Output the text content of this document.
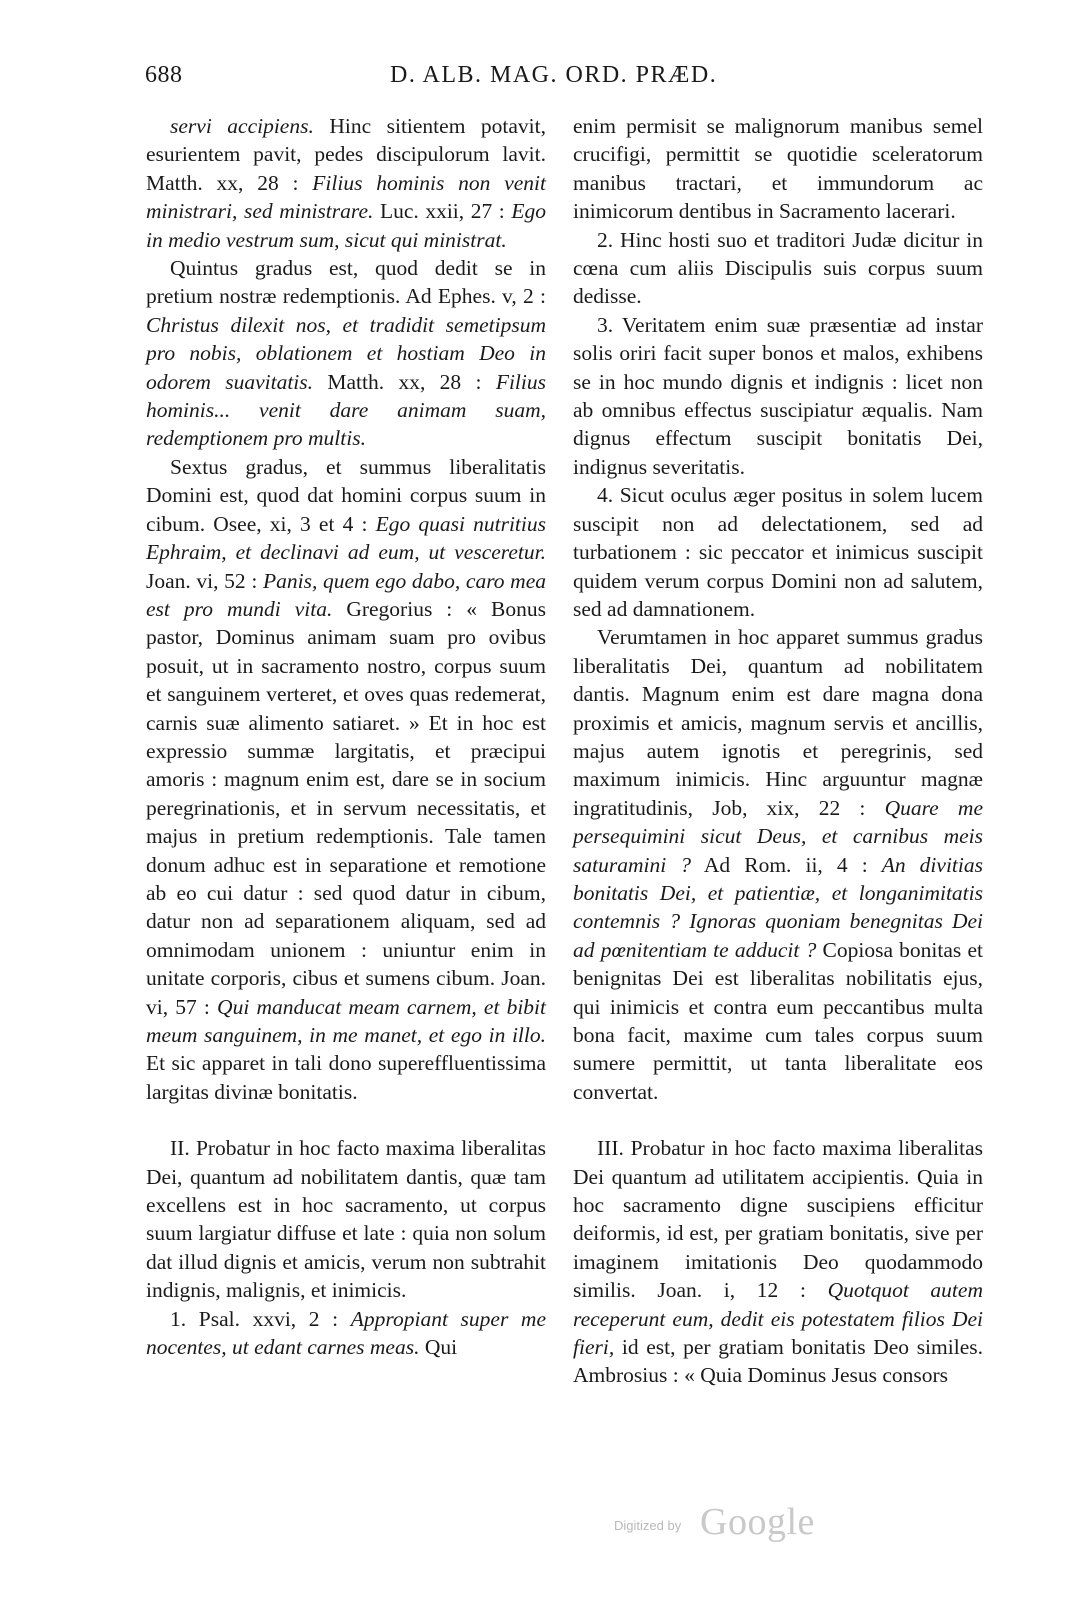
688	D. ALB. MAG. ORD. PRÆD.

servi accipiens. Hinc sitientem potavit, esurientem pavit, pedes discipulorum lavit. Matth. xx, 28 : Filius hominis non venit ministrari, sed ministrare. Luc. xxii, 27 : Ego in medio vestrum sum, sicut qui ministrat.

Quintus gradus est, quod dedit se in pretium nostræ redemptionis. Ad Ephes. v, 2 : Christus dilexit nos, et tradidit semetipsum pro nobis, oblationem et hostiam Deo in odorem suavitatis. Matth. xx, 28 : Filius hominis... venit dare animam suam, redemptionem pro multis.

Sextus gradus, et summus liberalitatis Domini est, quod dat homini corpus suum in cibum. Osee, xi, 3 et 4 : Ego quasi nutritius Ephraim, et declinavi ad eum, ut vesceretur. Joan. vi, 52 : Panis, quem ego dabo, caro mea est pro mundi vita. Gregorius : « Bonus pastor, Dominus animam suam pro ovibus posuit, ut in sacramento nostro, corpus suum et sanguinem verteret, et oves quas redemerat, carnis suæ alimento satiaret. » Et in hoc est expressio summæ largitatis, et præcipui amoris : magnum enim est, dare se in socium peregrinationis, et in servum necessitatis, et majus in pretium redemptionis. Tale tamen donum adhuc est in separatione et remotione ab eo cui datur : sed quod datur in cibum, datur non ad separationem aliquam, sed ad omnimodam unionem : uniuntur enim in unitate corporis, cibus et sumens cibum. Joan. vi, 57 : Qui manducat meam carnem, et bibit meum sanguinem, in me manet, et ego in illo. Et sic apparet in tali dono supereffluentissima largitas divinæ bonitatis.

II. Probatur in hoc facto maxima liberalitas Dei, quantum ad nobilitatem dantis, quæ tam excellens est in hoc sacramento, ut corpus suum largiatur diffuse et late : quia non solum dat illud dignis et amicis, verum non subtrahit indignis, malignis, et inimicis.

1. Psal. xxvi, 2 : Appropiant super me nocentes, ut edant carnes meas. Qui

enim permisit se malignorum manibus semel crucifigi, permittit se quotidie sceleratorum manibus tractari, et immundorum ac inimicorum dentibus in Sacramento lacerari.

2. Hinc hosti suo et traditori Judæ dicitur in cœna cum aliis Discipulis suis corpus suum dedisse.

3. Veritatem enim suæ præsentiæ ad instar solis oriri facit super bonos et malos, exhibens se in hoc mundo dignis et indignis : licet non ab omnibus effectus suscipiatur æqualis. Nam dignus effectum suscipit bonitatis Dei, indignus severitatis.

4. Sicut oculus æger positus in solem lucem suscipit non ad delectationem, sed ad turbationem : sic peccator et inimicus suscipit quidem verum corpus Domini non ad salutem, sed ad damnationem.

Verumtamen in hoc apparet summus gradus liberalitatis Dei, quantum ad nobilitatem dantis. Magnum enim est dare magna dona proximis et amicis, magnum servis et ancillis, majus autem ignotis et peregrinis, sed maximum inimicis. Hinc arguuntur magnæ ingratitudinis, Job, xix, 22 : Quare me persequimini sicut Deus, et carnibus meis saturamini ? Ad Rom. ii, 4 : An divitias bonitatis Dei, et patientiæ, et longanimitatis contemnis ? Ignoras quoniam benegnitas Dei ad pœnitentiam te adducit ? Copiosa bonitas et benignitas Dei est liberalitas nobilitatis ejus, qui inimicis et contra eum peccantibus multa bona facit, maxime cum tales corpus suum sumere permittit, ut tanta liberalitate eos convertat.

III. Probatur in hoc facto maxima liberalitas Dei quantum ad utilitatem accipientis. Quia in hoc sacramento digne suscipiens efficitur deiformis, id est, per gratiam bonitatis, sive per imaginem imitationis Deo quodammodo similis. Joan. i, 12 : Quotquot autem receperunt eum, dedit eis potestatem filios Dei fieri, id est, per gratiam bonitatis Deo similes. Ambrosius : « Quia Dominus Jesus consors

Digitized by Google
